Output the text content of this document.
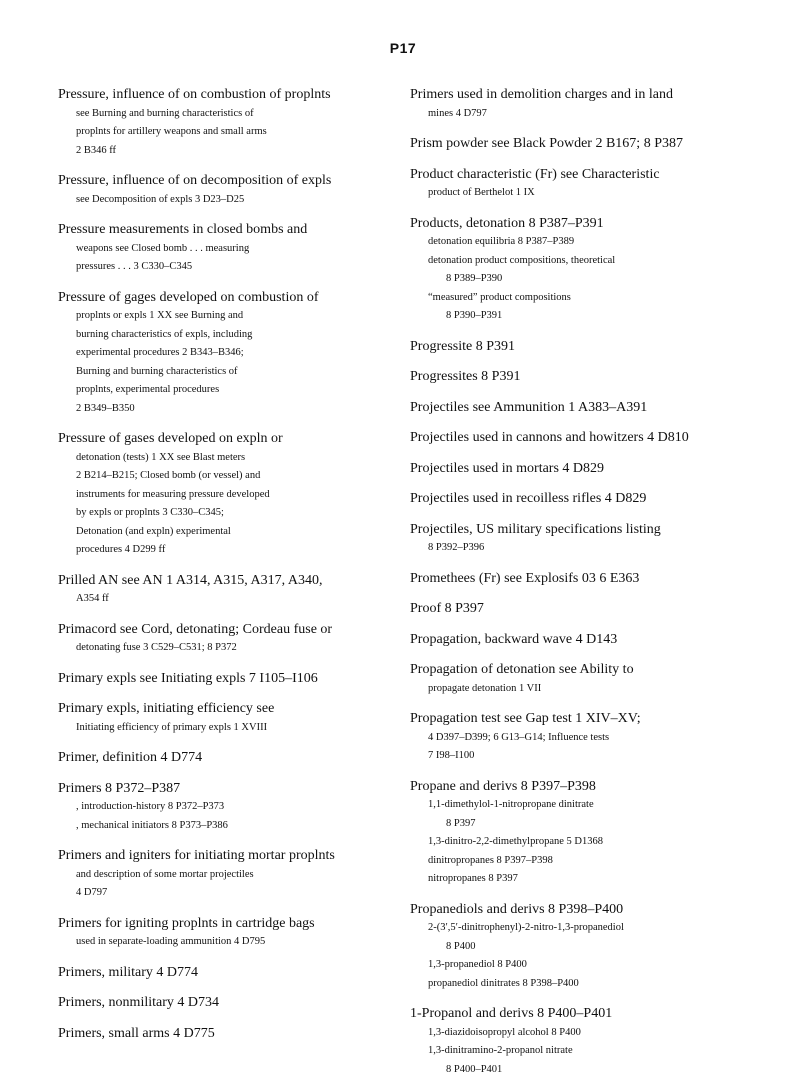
P17
Pressure, influence of on combustion of proplnts
see Burning and burning characteristics of
proplnts for artillery weapons and small arms
2 B346 ff
Pressure, influence of on decomposition of expls
see Decomposition of expls 3 D23–D25
Pressure measurements in closed bombs and
weapons see Closed bomb . . . measuring
pressures . . . 3 C330–C345
Pressure of gages developed on combustion of
proplnts or expls 1 XX see Burning and
burning characteristics of expls, including
experimental procedures 2 B343–B346;
Burning and burning characteristics of
proplnts, experimental procedures
2 B349–B350
Pressure of gases developed on expln or
detonation (tests) 1 XX see Blast meters
2 B214–B215; Closed bomb (or vessel) and
instruments for measuring pressure developed
by expls or proplnts 3 C330–C345;
Detonation (and expln) experimental
procedures 4 D299 ff
Prilled AN see AN 1 A314, A315, A317, A340,
A354 ff
Primacord see Cord, detonating; Cordeau fuse or
detonating fuse 3 C529–C531; 8 P372
Primary expls see Initiating expls 7 I105–I106
Primary expls, initiating efficiency see
Initiating efficiency of primary expls 1 XVIII
Primer, definition 4 D774
Primers 8 P372–P387
, introduction-history 8 P372–P373
, mechanical initiators 8 P373–P386
Primers and igniters for initiating mortar proplnts
and description of some mortar projectiles
4 D797
Primers for igniting proplnts in cartridge bags
used in separate-loading ammunition 4 D795
Primers, military 4 D774
Primers, nonmilitary 4 D734
Primers, small arms 4 D775
Primers used in demolition charges and in land
mines 4 D797
Prism powder see Black Powder 2 B167; 8 P387
Product characteristic (Fr) see Characteristic
product of Berthelot 1 IX
Products, detonation 8 P387–P391
detonation equilibria 8 P387–P389
detonation product compositions, theoretical
8 P389–P390
“measured” product compositions
8 P390–P391
Progressite 8 P391
Progressites 8 P391
Projectiles see Ammunition 1 A383–A391
Projectiles used in cannons and howitzers 4 D810
Projectiles used in mortars 4 D829
Projectiles used in recoilless rifles 4 D829
Projectiles, US military specifications listing
8 P392–P396
Promethees (Fr) see Explosifs 03 6 E363
Proof 8 P397
Propagation, backward wave 4 D143
Propagation of detonation see Ability to
propagate detonation 1 VII
Propagation test see Gap test 1 XIV–XV;
4 D397–D399; 6 G13–G14; Influence tests
7 I98–I100
Propane and derivs 8 P397–P398
1,1-dimethylol-1-nitropropane dinitrate
8 P397
1,3-dinitro-2,2-dimethylpropane 5 D1368
dinitropropanes 8 P397–P398
nitropropanes 8 P397
Propanediols and derivs 8 P398–P400
2-(3′,5′-dinitrophenyl)-2-nitro-1,3-propanediol
8 P400
1,3-propanediol 8 P400
propanediol dinitrates 8 P398–P400
1-Propanol and derivs 8 P400–P401
1,3-diazidoisopropyl alcohol 8 P400
1,3-dinitramino-2-propanol nitrate
8 P400–P401
